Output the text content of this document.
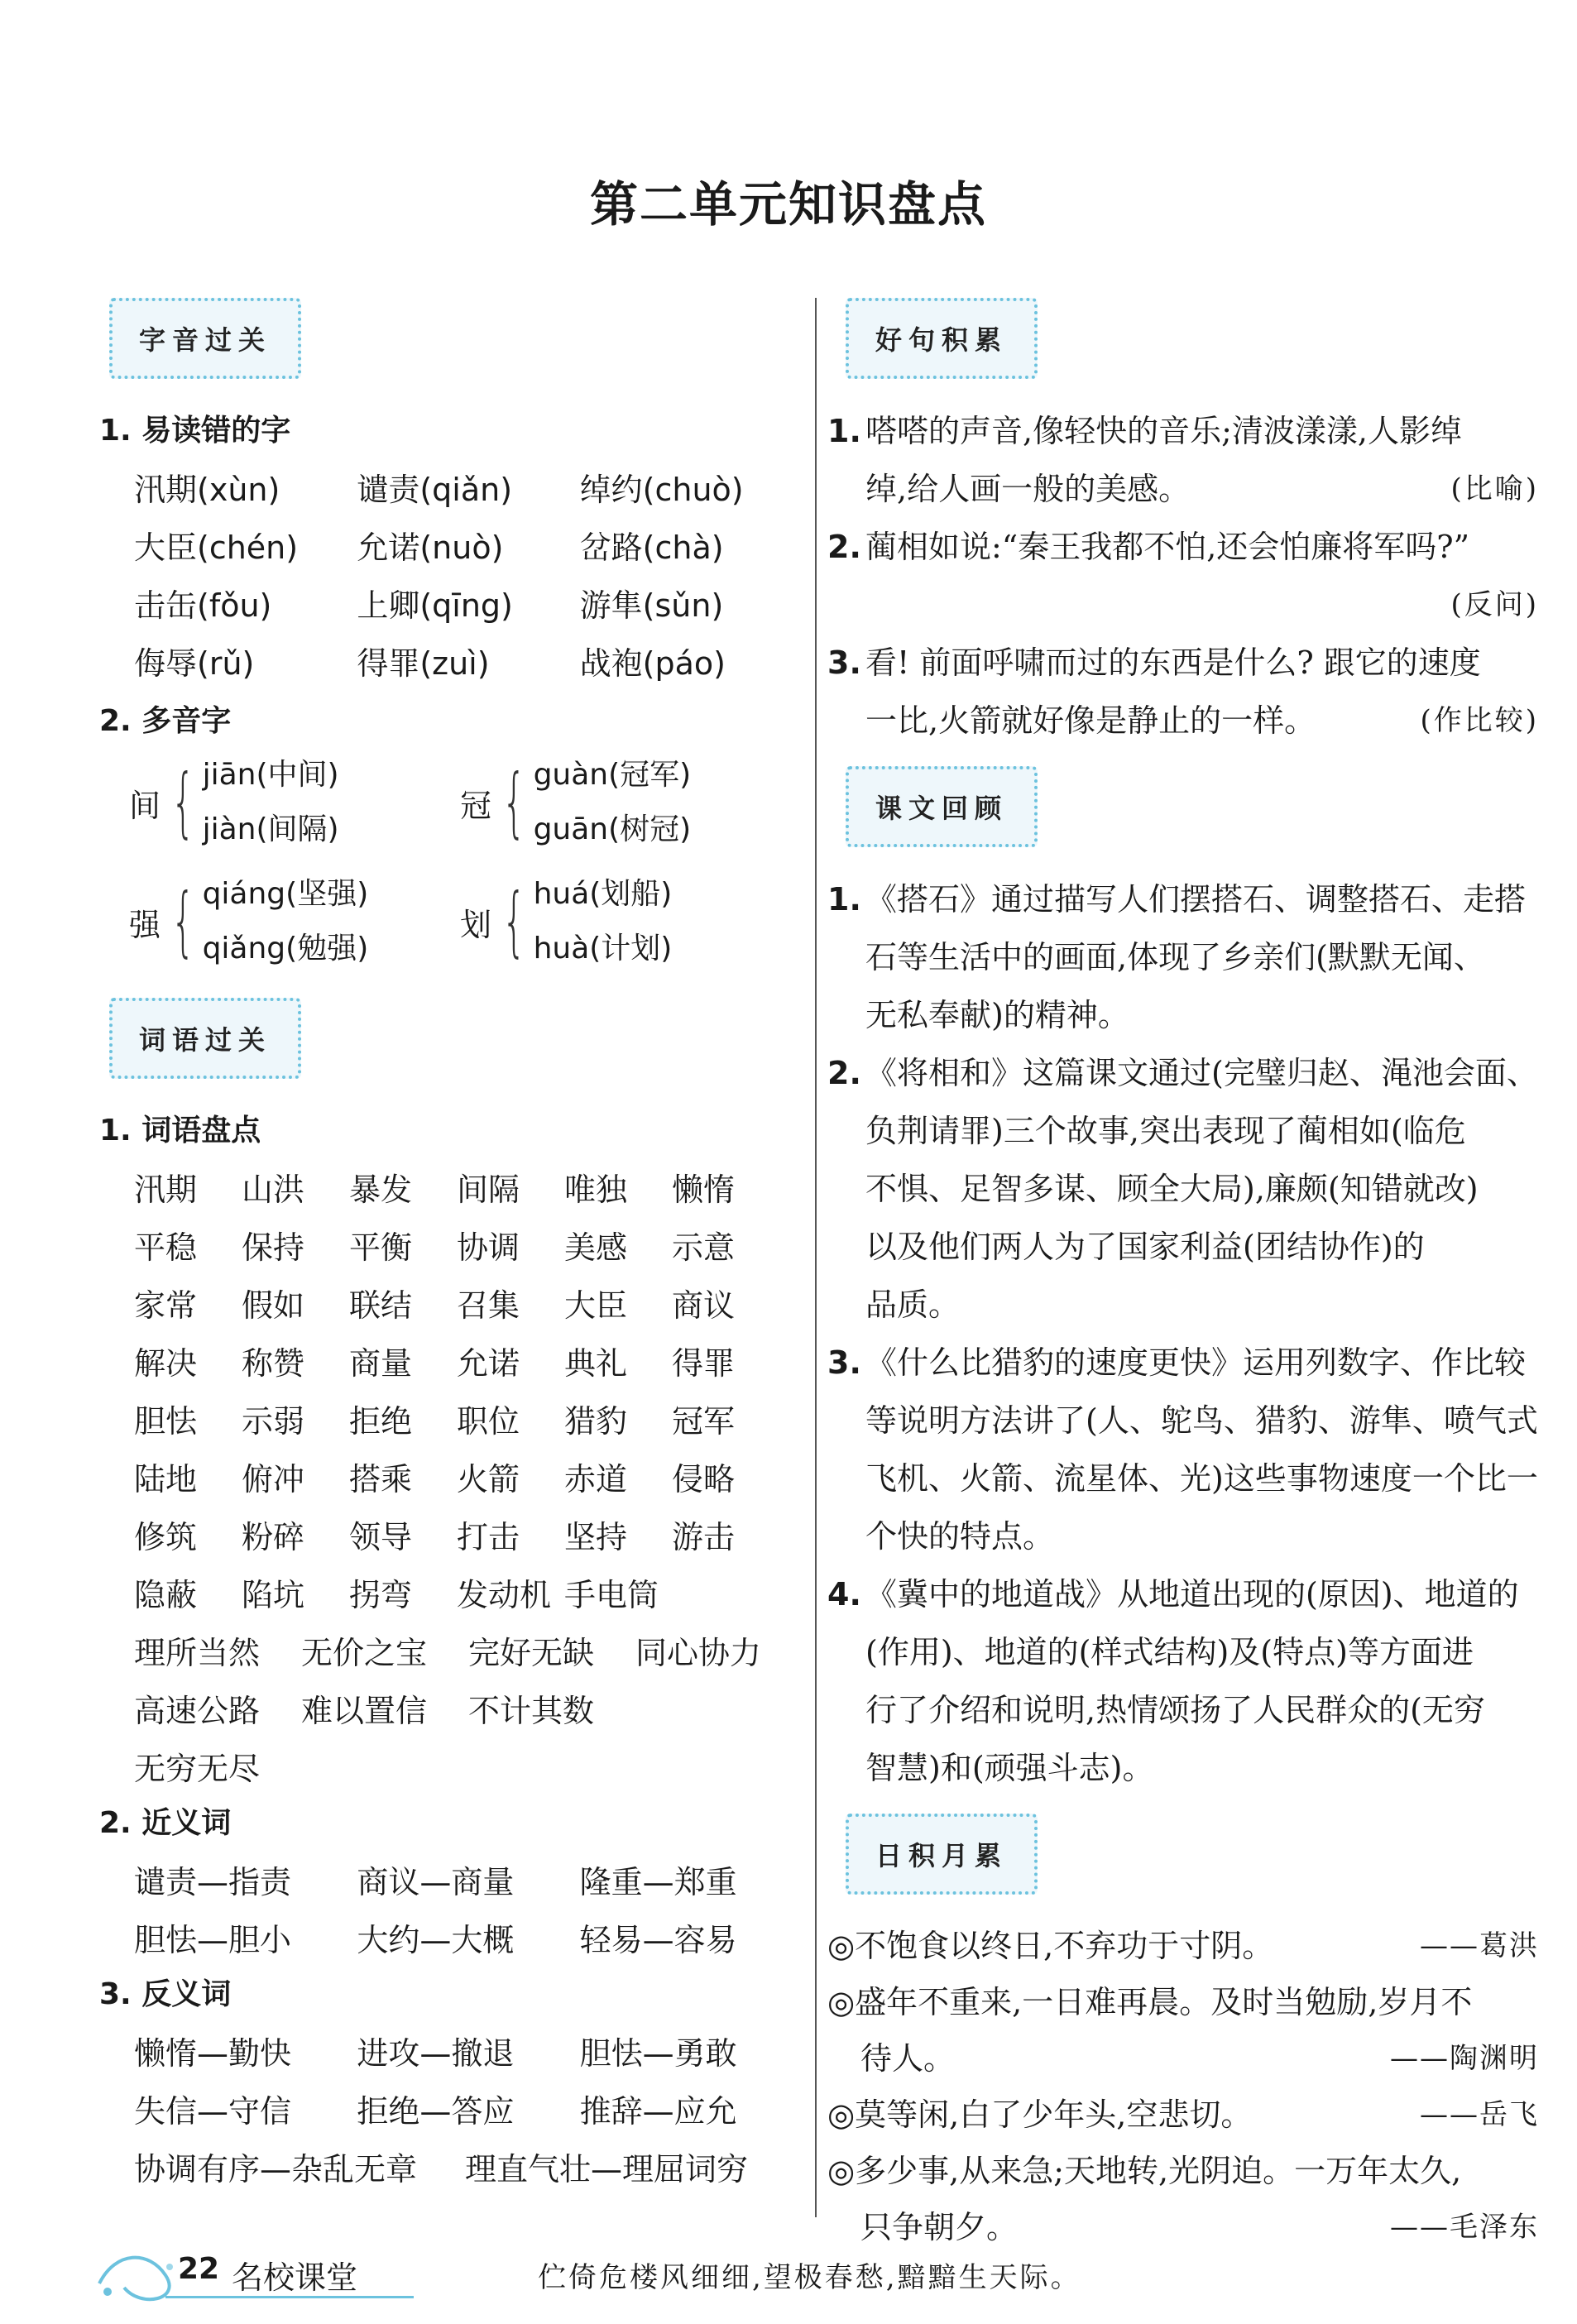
第二单元知识盘点
字音过关
1. 易读错的字
汛期(xùn)	谴责(qiǎn)	绰约(chuò)
大臣(chén)	允诺(nuò)	岔路(chà)
击缶(fǒu)	上卿(qīng)	游隼(sǔn)
侮辱(rǔ)	得罪(zuì)	战袍(páo)
2. 多音字
间 { jiān(中间)
jiàn(间隔)
冠 { guàn(冠军)
guān(树冠)
强 { qiáng(坚强)
qiǎng(勉强)
划 { huá(划船)
huà(计划)
词语过关
1. 词语盘点
汛期	山洪	暴发	间隔	唯独	懒惰
平稳	保持	平衡	协调	美感	示意
家常	假如	联结	召集	大臣	商议
解决	称赞	商量	允诺	典礼	得罪
胆怯	示弱	拒绝	职位	猎豹	冠军
陆地	俯冲	搭乘	火箭	赤道	侵略
修筑	粉碎	领导	打击	坚持	游击
隐蔽	陷坑	拐弯	发动机 手电筒
理所当然	无价之宝	完好无缺	同心协力
高速公路	难以置信	不计其数
无穷无尽
2. 近义词
谴责—指责	商议—商量	隆重—郑重
胆怯—胆小	大约—大概	轻易—容易
3. 反义词
懒惰—勤快	进攻—撤退	胆怯—勇敢
失信—守信	拒绝—答应	推辞—应允
协调有序—杂乱无章	理直气壮—理屈词穷
好句积累
1. 嗒嗒的声音,像轻快的音乐;清波漾漾,人影绰
绰,给人画一般的美感。	(比喻)
2. 蔺相如说:“秦王我都不怕,还会怕廉将军吗?”
(反问)
3. 看! 前面呼啸而过的东西是什么? 跟它的速度
一比,火箭就好像是静止的一样。	(作比较)
课文回顾
1. 《搭石》通过描写人们摆搭石、调整搭石、走搭
石等生活中的画面,体现了乡亲们(默默无闻、
无私奉献)的精神。
2. 《将相和》这篇课文通过(完璧归赵、渑池会面、
负荆请罪)三个故事,突出表现了蔺相如(临危
不惧、足智多谋、顾全大局),廉颇(知错就改)
以及他们两人为了国家利益(团结协作)的
品质。
3. 《什么比猎豹的速度更快》运用列数字、作比较
等说明方法讲了(人、鸵鸟、猎豹、游隼、喷气式
飞机、火箭、流星体、光)这些事物速度一个比一
个快的特点。
4. 《冀中的地道战》从地道出现的(原因)、地道的
(作用)、地道的(样式结构)及(特点)等方面进
行了介绍和说明,热情颂扬了人民群众的(无穷
智慧)和(顽强斗志)。
日积月累
◎不饱食以终日,不弃功于寸阴。	——葛洪
◎盛年不重来,一日难再晨。及时当勉励,岁月不
待人。	——陶渊明
◎莫等闲,白了少年头,空悲切。	——岳飞
◎多少事,从来急;天地转,光阴迫。一万年太久,
只争朝夕。	——毛泽东
22 名校课堂	伫倚危楼风细细,望极春愁,黯黯生天际。
